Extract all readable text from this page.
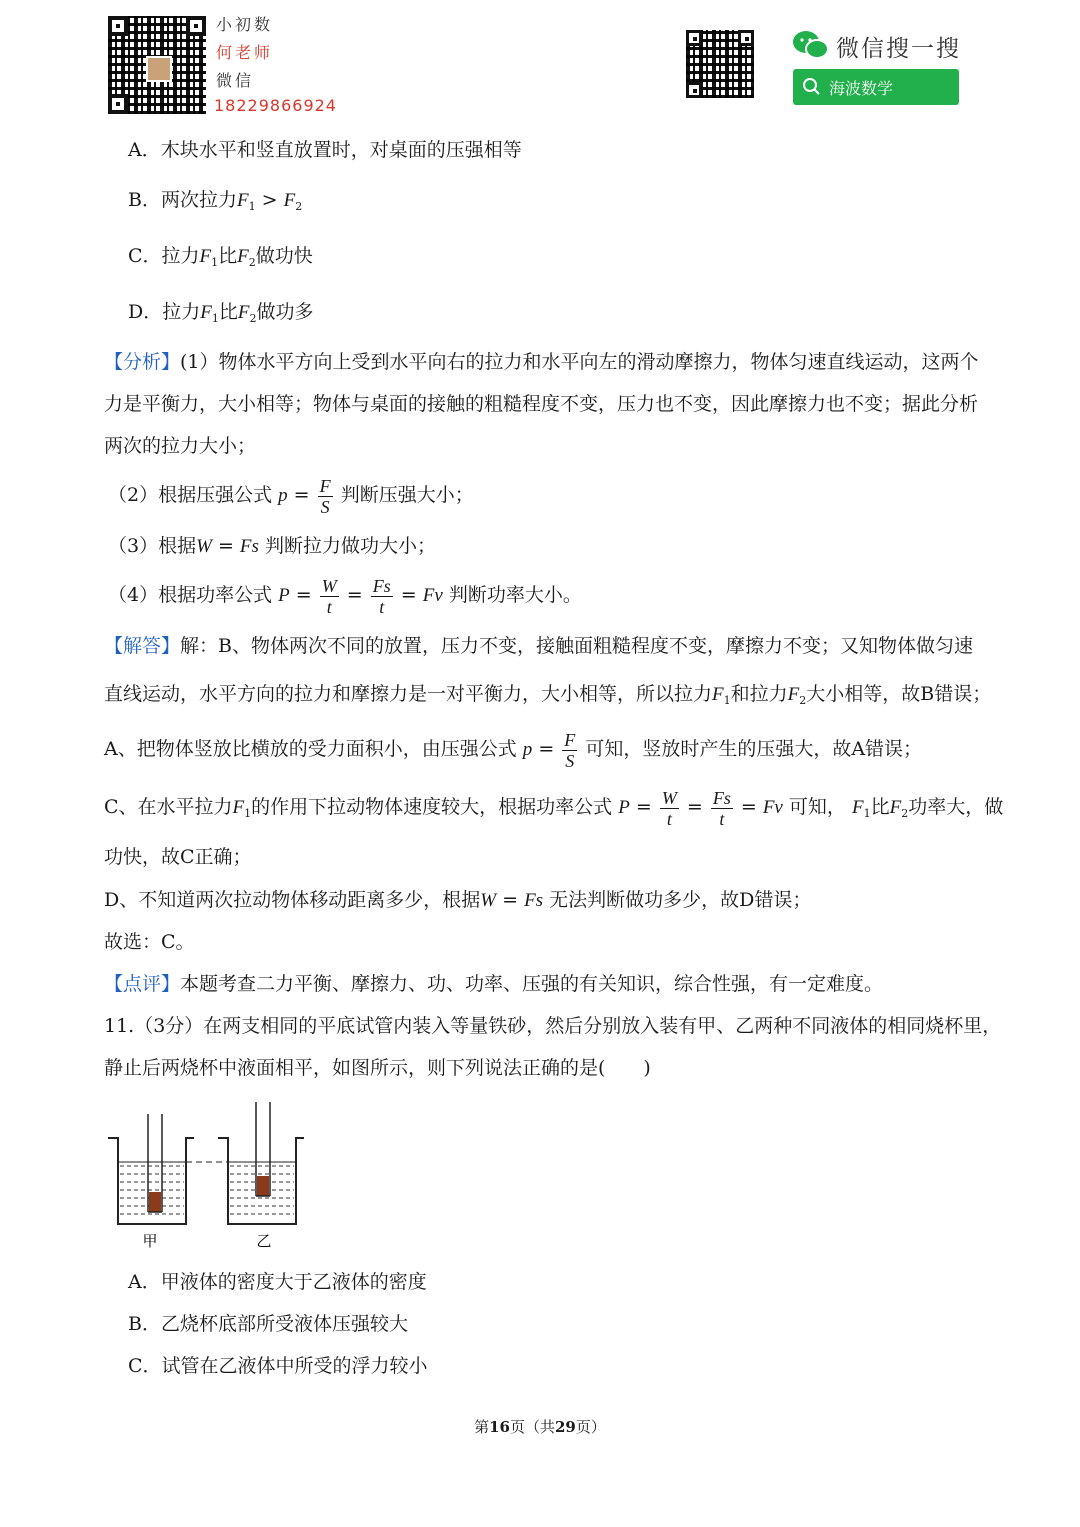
小初数
何老师
微信
18229866924
微信搜一搜
海波数学
A．木块水平和竖直放置时，对桌面的压强相等
B．两次拉力$F_1 > F_2$
C．拉力$F_1$比$F_2$做功快
D．拉力$F_1$比$F_2$做功多
【分析】(1）物体水平方向上受到水平向右的拉力和水平向左的滑动摩擦力，物体匀速直线运动，这两个
力是平衡力，大小相等；物体与桌面的接触的粗糙程度不变，压力也不变，因此摩擦力也不变；据此分析
两次的拉力大小；
（2）根据压强公式 $p = \frac{F}{S}$ 判断压强大小；
（3）根据W = Fs 判断拉力做功大小；
（4）根据功率公式 $P = \frac{W}{t} = \frac{Fs}{t} = Fv$ 判断功率大小。
【解答】解：B、物体两次不同的放置，压力不变，接触面粗糙程度不变，摩擦力不变；又知物体做匀速
直线运动，水平方向的拉力和摩擦力是一对平衡力，大小相等，所以拉力$F_1$和拉力$F_2$大小相等，故B错误；
A、把物体竖放比横放的受力面积小，由压强公式 $p = \frac{F}{S}$ 可知，竖放时产生的压强大，故A错误；
C、在水平拉力$F_1$的作用下拉动物体速度较大，根据功率公式 $P = \frac{W}{t} = \frac{Fs}{t} = Fv$ 可知， $F_1$比$F_2$功率大，做
功快，故C正确；
D、不知道两次拉动物体移动距离多少，根据W = Fs 无法判断做功多少，故D错误；
故选：C。
【点评】本题考查二力平衡、摩擦力、功、功率、压强的有关知识，综合性强，有一定难度。
11.（3分）在两支相同的平底试管内装入等量铁砂，然后分别放入装有甲、乙两种不同液体的相同烧杯里，
静止后两烧杯中液面相平，如图所示，则下列说法正确的是(　　)
甲	乙
A．甲液体的密度大于乙液体的密度
B．乙烧杯底部所受液体压强较大
C．试管在乙液体中所受的浮力较小
第16页（共29页）
